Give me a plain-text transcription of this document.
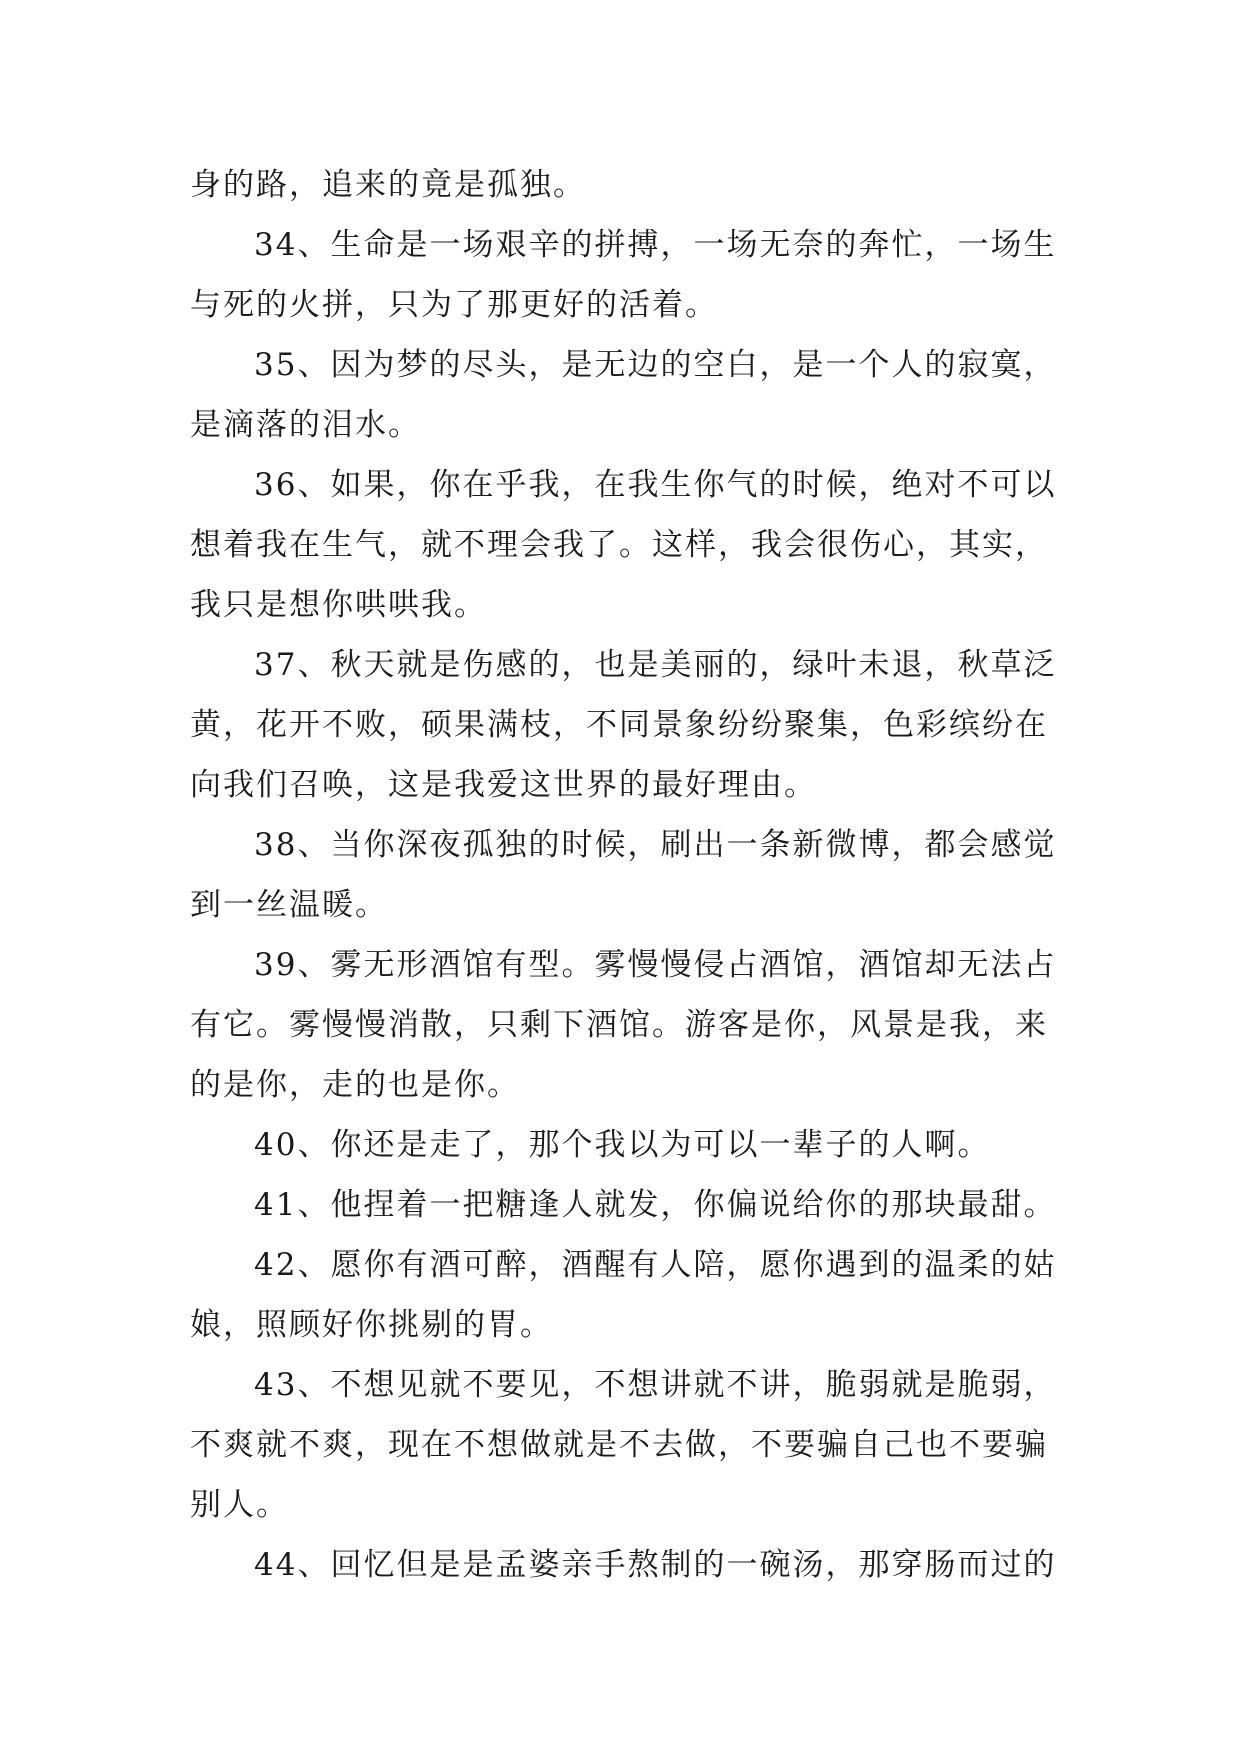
身的路，追来的竟是孤独。
34、生命是一场艰辛的拼搏，一场无奈的奔忙，一场生
与死的火拼，只为了那更好的活着。
35、因为梦的尽头，是无边的空白，是一个人的寂寞，
是滴落的泪水。
36、如果，你在乎我，在我生你气的时候，绝对不可以
想着我在生气，就不理会我了。这样，我会很伤心，其实，
我只是想你哄哄我。
37、秋天就是伤感的，也是美丽的，绿叶未退，秋草泛
黄，花开不败，硕果满枝，不同景象纷纷聚集，色彩缤纷在
向我们召唤，这是我爱这世界的最好理由。
38、当你深夜孤独的时候，刷出一条新微博，都会感觉
到一丝温暖。
39、雾无形酒馆有型。雾慢慢侵占酒馆，酒馆却无法占
有它。雾慢慢消散，只剩下酒馆。游客是你，风景是我，来
的是你，走的也是你。
40、你还是走了，那个我以为可以一辈子的人啊。
41、他捏着一把糖逢人就发，你偏说给你的那块最甜。
42、愿你有酒可醉，酒醒有人陪，愿你遇到的温柔的姑
娘，照顾好你挑剔的胃。
43、不想见就不要见，不想讲就不讲，脆弱就是脆弱，
不爽就不爽，现在不想做就是不去做，不要骗自己也不要骗
别人。
44、回忆但是是孟婆亲手熬制的一碗汤，那穿肠而过的
